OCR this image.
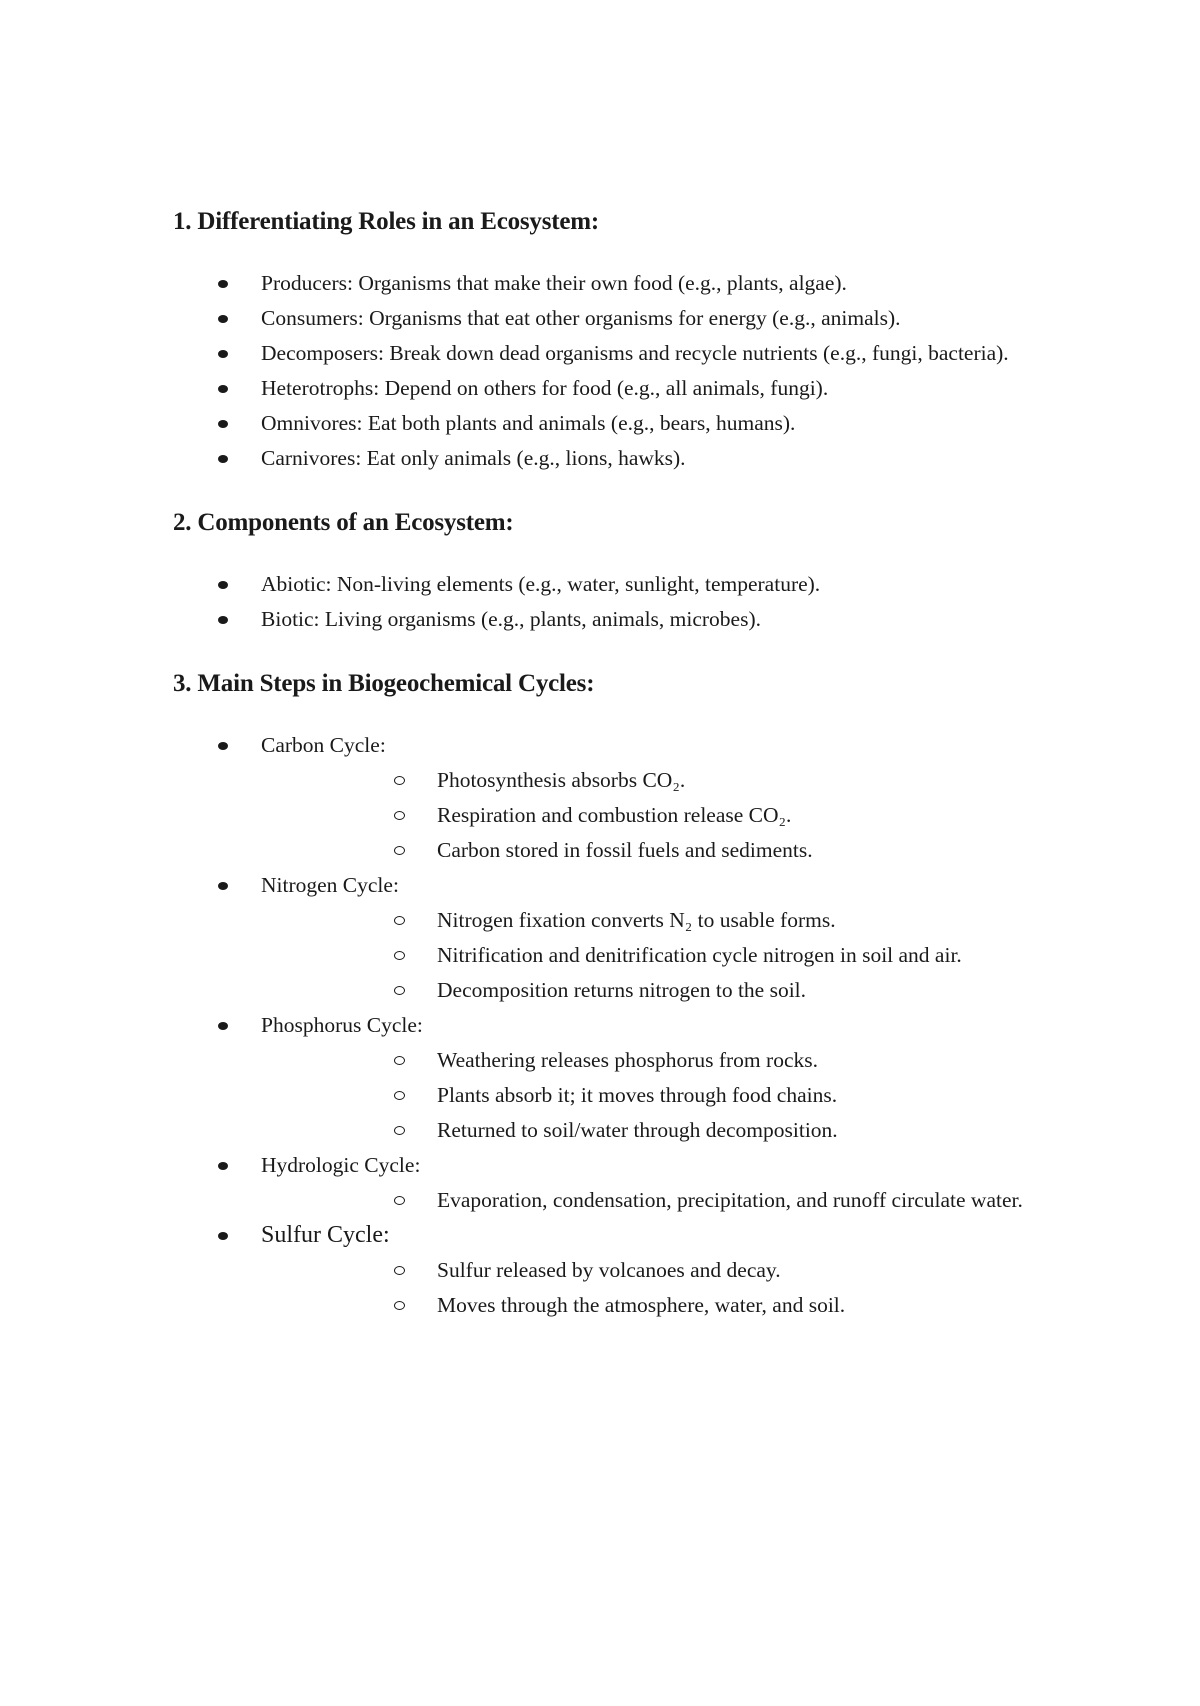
1. Differentiating Roles in an Ecosystem:
Producers: Organisms that make their own food (e.g., plants, algae).
Consumers: Organisms that eat other organisms for energy (e.g., animals).
Decomposers: Break down dead organisms and recycle nutrients (e.g., fungi, bacteria).
Heterotrophs: Depend on others for food (e.g., all animals, fungi).
Omnivores: Eat both plants and animals (e.g., bears, humans).
Carnivores: Eat only animals (e.g., lions, hawks).
2. Components of an Ecosystem:
Abiotic: Non-living elements (e.g., water, sunlight, temperature).
Biotic: Living organisms (e.g., plants, animals, microbes).
3. Main Steps in Biogeochemical Cycles:
Carbon Cycle:
Photosynthesis absorbs CO₂.
Respiration and combustion release CO₂.
Carbon stored in fossil fuels and sediments.
Nitrogen Cycle:
Nitrogen fixation converts N₂ to usable forms.
Nitrification and denitrification cycle nitrogen in soil and air.
Decomposition returns nitrogen to the soil.
Phosphorus Cycle:
Weathering releases phosphorus from rocks.
Plants absorb it; it moves through food chains.
Returned to soil/water through decomposition.
Hydrologic Cycle:
Evaporation, condensation, precipitation, and runoff circulate water.
Sulfur Cycle:
Sulfur released by volcanoes and decay.
Moves through the atmosphere, water, and soil.
